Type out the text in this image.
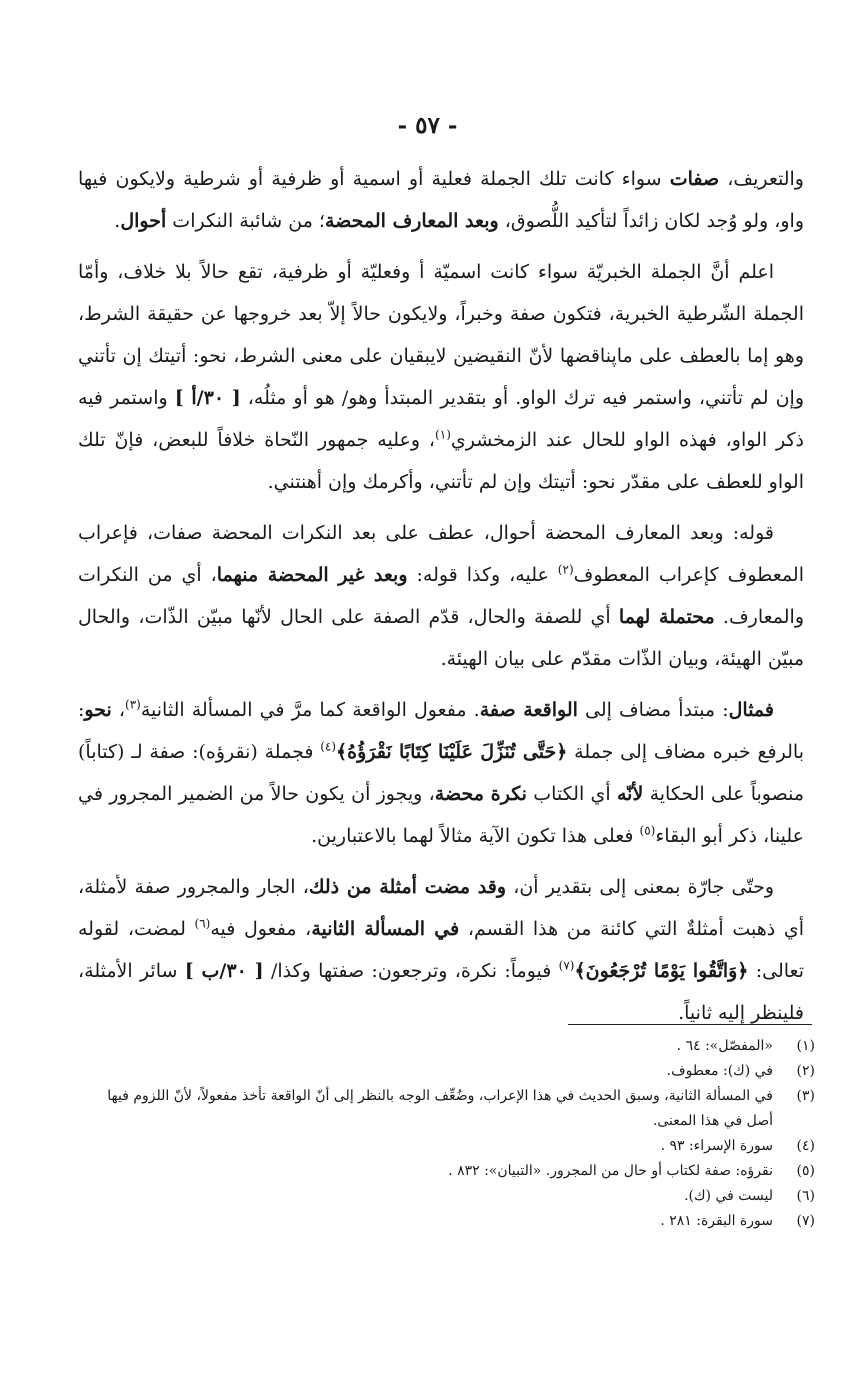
- ٥٧ -

والتعريف، صفات سواء كانت تلك الجملة فعلية أو اسمية أو ظرفية أو شرطية ولايكون فيها واو، ولو وُجد لكان زائداً لتأكيد اللُّصوق، وبعد المعارف المحضة؛ من شائبة النكرات أحوال.

اعلم أنَّ الجملة الخبريّة سواء كانت اسميّة أ وفعليّة أو ظرفية، تقع حالاً بلا خلاف، وأمّا الجملة الشّرطية الخبرية، فتكون صفة وخبراً، ولايكون حالاً إلاّ بعد خروجها عن حقيقة الشرط، وهو إما بالعطف على ماپناقضها لأنّ النقيضين لايبقيان على معنى الشرط، نحو: أتيتك إن تأتني وإن لم تأتني، واستمر فيه ترك الواو. أو بتقدير المبتدأ وهو/ هو أو مثلُه، [ ٣٠/أ ] واستمر فيه ذكر الواو، فهذه الواو للحال عند الزمخشري$^{(١)}$، وعليه جمهور النّحاة خلافاً للبعض، فإنّ تلك الواو للعطف على مقدّر نحو: أتيتك وإن لم تأتني، وأكرمك وإن أهنتني.

قوله: وبعد المعارف المحضة أحوال، عطف على بعد النكرات المحضة صفات، فإعراب المعطوف كإعراب المعطوف$^{(٢)}$ عليه، وكذا قوله: وبعد غير المحضة منهما، أي من النكرات والمعارف. محتملة لهما أي للصفة والحال، قدّم الصفة على الحال لأنّها مبيّن الذّات، والحال مبيّن الهيئة، وبيان الذّات مقدّم على بيان الهيئة.

فمثال: مبتدأ مضاف إلى الواقعة صفة. مفعول الواقعة كما مرَّ في المسألة الثانية$^{(٣)}$، نحو: بالرفع خبره مضاف إلى جملة ﴿حَتَّى تُنَزِّلَ عَلَيْنَا كِتَابًا نَقْرَؤُهُ﴾$^{(٤)}$ فجملة (نقرؤه): صفة لـ (كتاباً) منصوباً على الحكاية لأنّه أي الكتاب نكرة محضة، ويجوز أن يكون حالاً من الضمير المجرور في علينا، ذكر أبو البقاء$^{(٥)}$ فعلى هذا تكون الآية مثالاً لهما بالاعتبارين.

وحتّى جارّة بمعنى إلى بتقدير أن، وقد مضت أمثلة من ذلك، الجار والمجرور صفة لأمثلة، أي ذهبت أمثلةٌ التي كائنة من هذا القسم، في المسألة الثانية، مفعول فيه$^{(٦)}$ لمضت، لقوله تعالى: ﴿وَاتَّقُوا يَوْمًا تُرْجَعُونَ﴾$^{(٧)}$ فيوماً: نكرة، وترجعون: صفتها وكذا/ [ ٣٠/ب ] سائر الأمثلة، فلينظر إليه ثانياً.

(١)«المفصّل»: ٦٤ .
(٢)في (ك): معطوف.
(٣)في المسألة الثانية، وسبق الحديث في هذا الإعراب، وضُعِّف الوجه بالنظر إلى أنّ الواقعة تأخذ مفعولاً، لأنّ اللزوم فيها أصل في هذا المعنى.
(٤)سورة الإسراء: ٩٣ .
(٥)نقرؤه: صفة لكتاب أو حال من المجرور. «التبيان»: ٨٣٢ .
(٦)ليست في (ك).
(٧)سورة البقرة: ٢٨١ .
